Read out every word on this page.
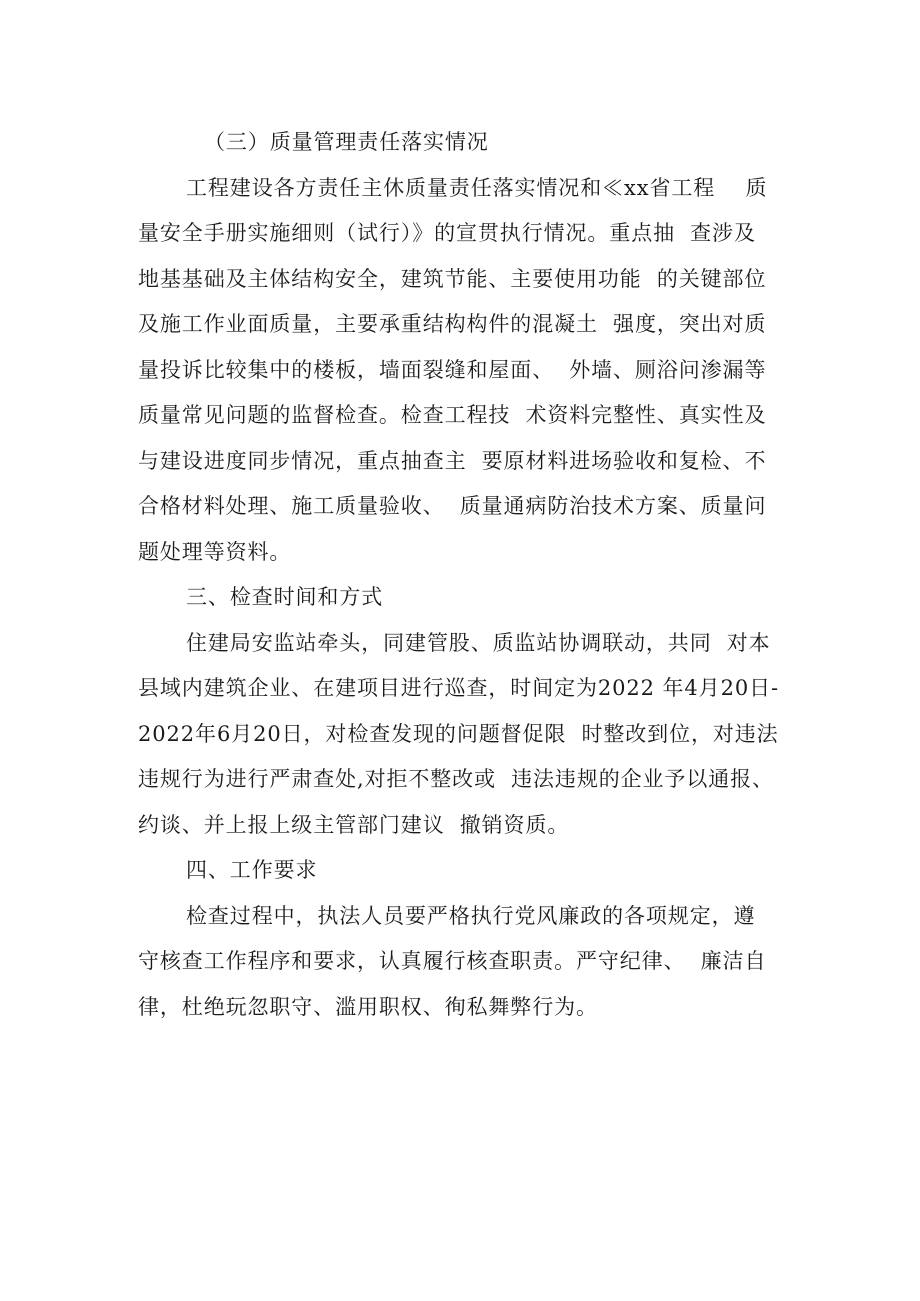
（三）质量管理责任落实情况
工程建设各方责任主休质量责任落实情况和≪xx省工程    质
量安全手册实施细则（试行）》的宣贯执行情况。重点抽  查涉及
地基基础及主体结构安全，建筑节能、主要使用功能  的关键部位
及施工作业面质量，主要承重结构构件的混凝土  强度，突出对质
量投诉比较集中的楼板，墙面裂缝和屋面、  外墙、厕浴问渗漏等
质量常见问题的监督检查。检查工程技  术资料完整性、真实性及
与建设进度同步情况，重点抽查主  要原材料进场验收和复检、不
合格材料处理、施工质量验收、  质量通病防治技术方案、质量问
题处理等资料。
三、检查时间和方式
住建局安监站牵头，同建管股、质监站协调联动，共同  对本
县域内建筑企业、在建项目进行巡查，时间定为2022 年4月20日-
2022年6月20日，对检查发现的问题督促限  时整改到位，对违法
违规行为进行严肃查处,对拒不整改或  违法违规的企业予以通报、
约谈、并上报上级主管部门建议  撤销资质。
四、工作要求
检查过程中，执法人员要严格执行党风廉政的各项规定，遵
守核查工作程序和要求，认真履行核查职责。严守纪律、  廉洁自
律，杜绝玩忽职守、滥用职权、徇私舞弊行为。
